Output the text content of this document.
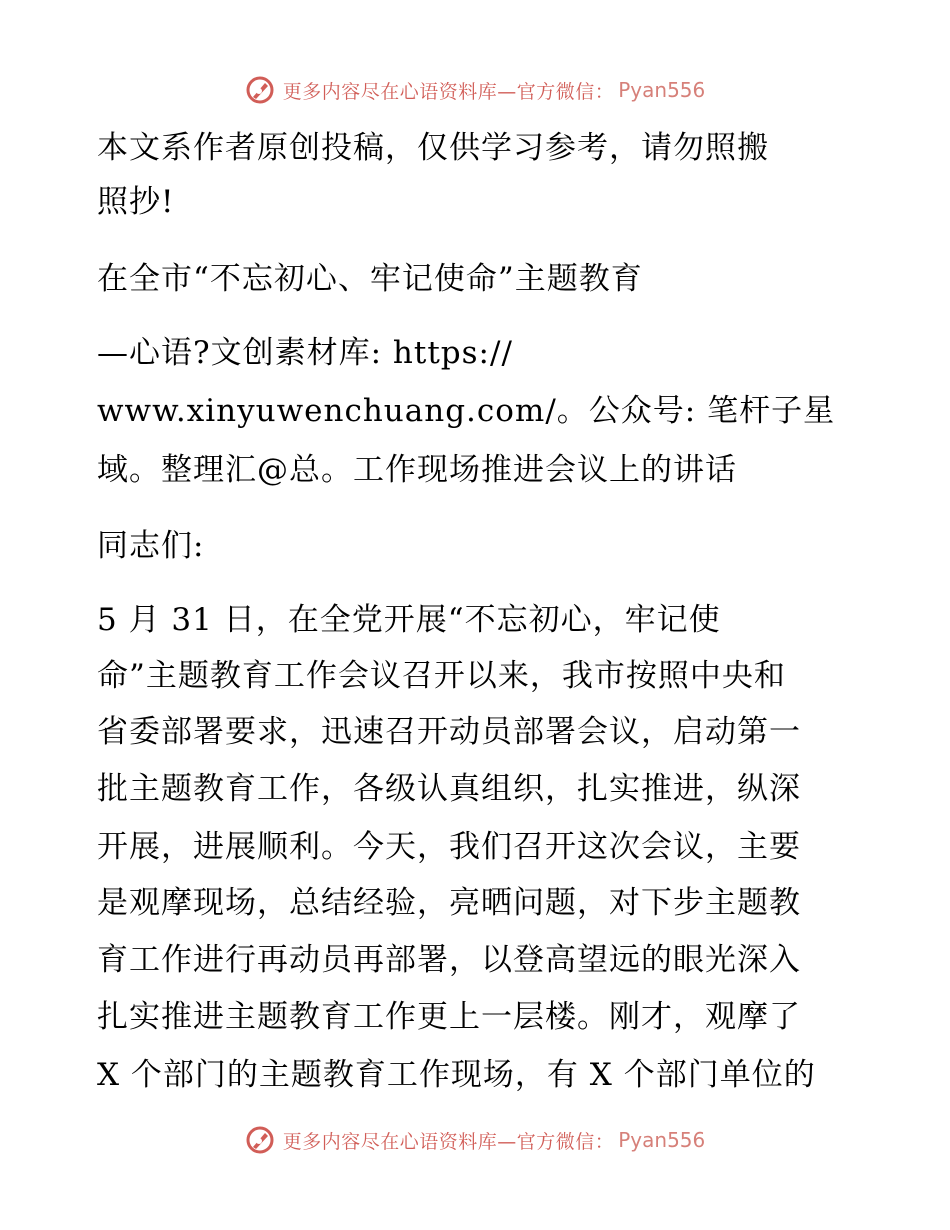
更多内容尽在心语资料库—官方微信： Pyan556
本文系作者原创投稿，仅供学习参考，请勿照搬
照抄!
在全市“不忘初心、牢记使命”主题教育
—心语?文创素材库: https://
www.xinyuwenchuang.com/。公众号: 笔杆子星
域。整理汇@总。工作现场推进会议上的讲话
同志们:
5 月 31 日，在全党开展“不忘初心，牢记使
命”主题教育工作会议召开以来，我市按照中央和
省委部署要求，迅速召开动员部署会议，启动第一
批主题教育工作，各级认真组织，扎实推进，纵深
开展，进展顺利。今天，我们召开这次会议，主要
是观摩现场，总结经验，亮晒问题，对下步主题教
育工作进行再动员再部署，以登高望远的眼光深入
扎实推进主题教育工作更上一层楼。刚才，观摩了
X 个部门的主题教育工作现场，有 X 个部门单位的
更多内容尽在心语资料库—官方微信： Pyan556
